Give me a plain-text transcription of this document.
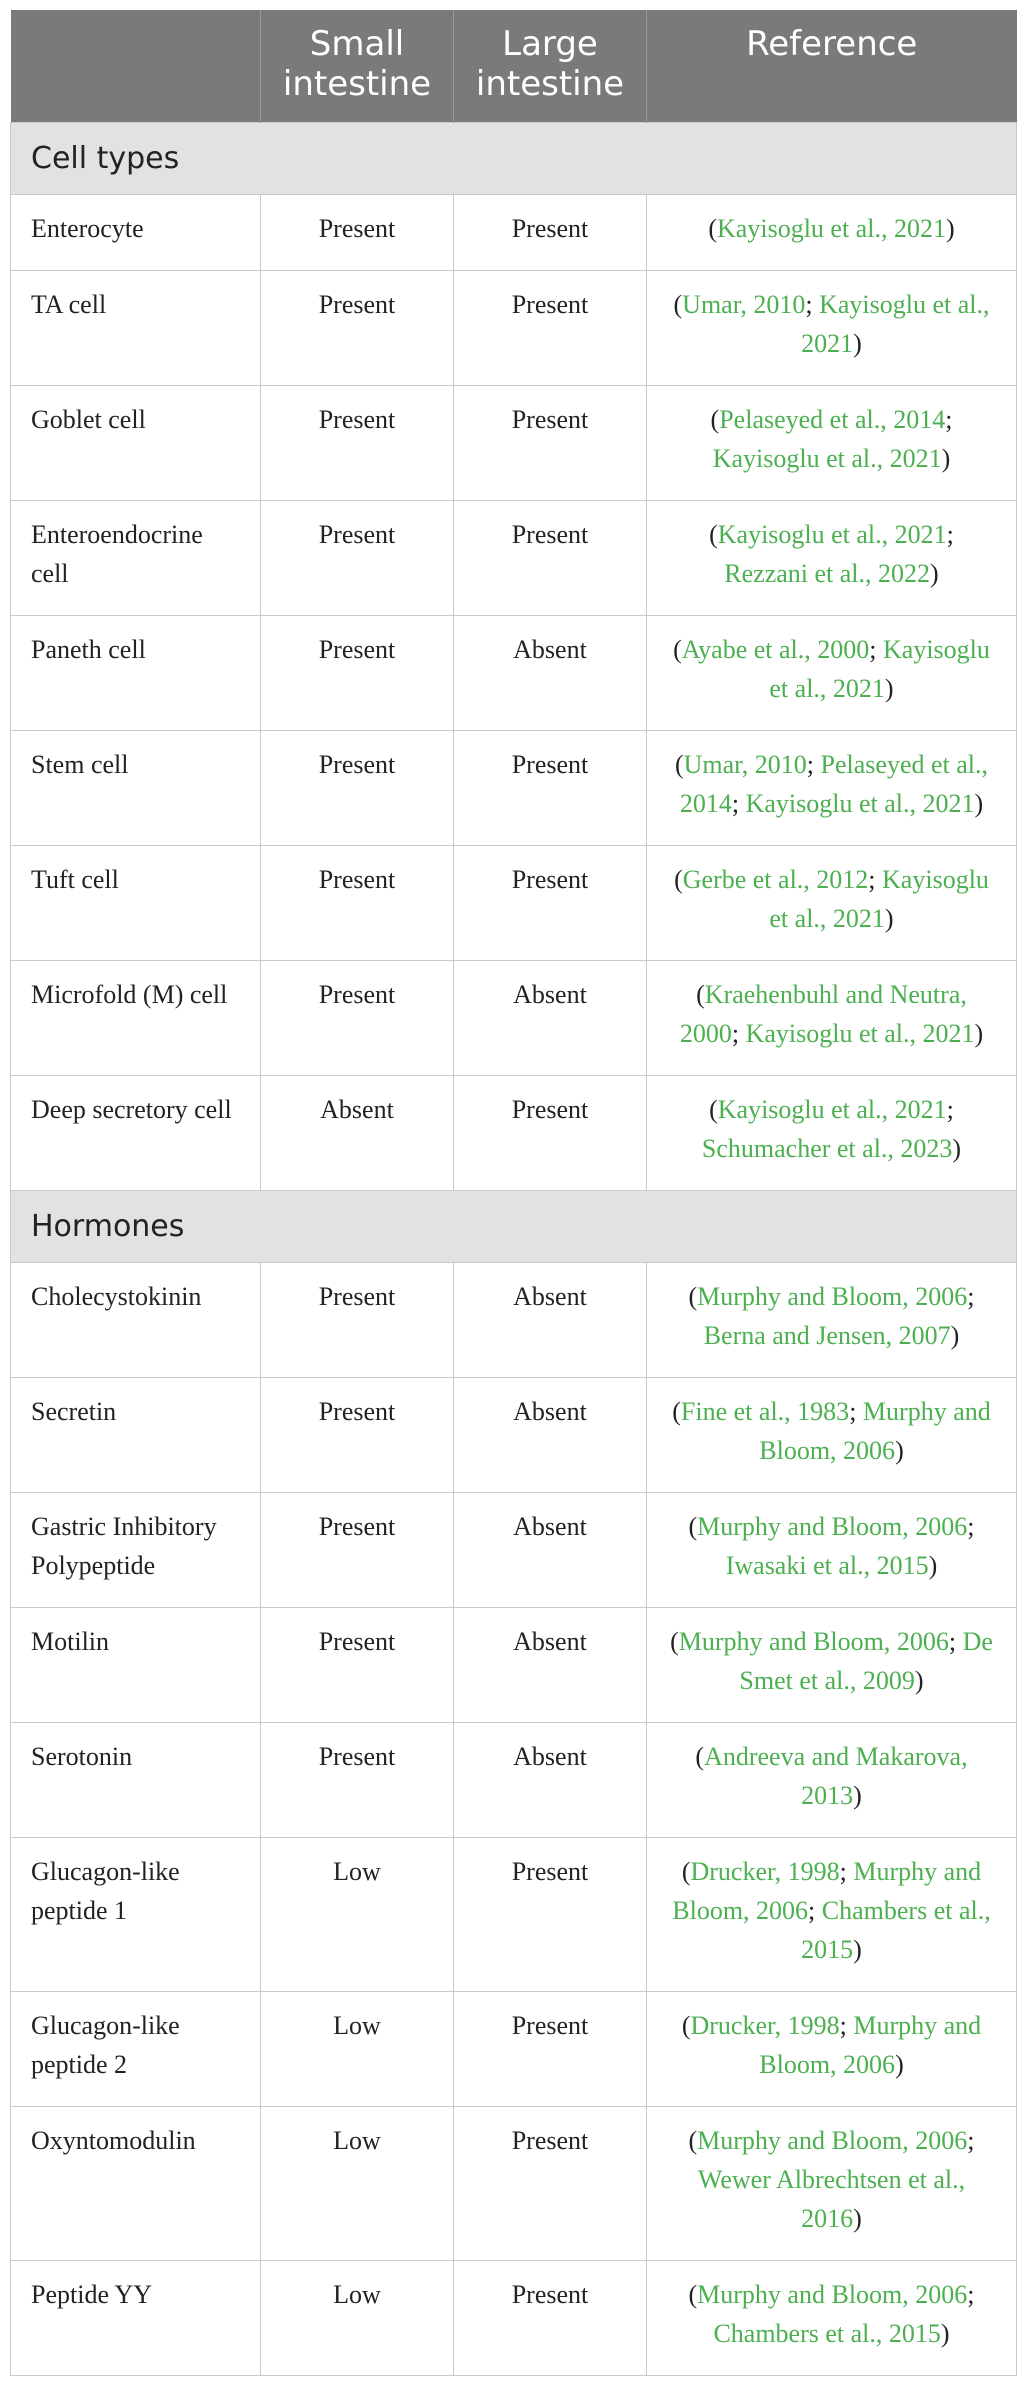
	Small intestine	Large intestine	Reference
Cell types			
Enterocyte	Present	Present	(Kayisoglu et al., 2021)
TA cell	Present	Present	(Umar, 2010; Kayisoglu et al., 2021)
Goblet cell	Present	Present	(Pelaseyed et al., 2014; Kayisoglu et al., 2021)
Enteroendocrine cell	Present	Present	(Kayisoglu et al., 2021; Rezzani et al., 2022)
Paneth cell	Present	Absent	(Ayabe et al., 2000; Kayisoglu et al., 2021)
Stem cell	Present	Present	(Umar, 2010; Pelaseyed et al., 2014; Kayisoglu et al., 2021)
Tuft cell	Present	Present	(Gerbe et al., 2012; Kayisoglu et al., 2021)
Microfold (M) cell	Present	Absent	(Kraehenbuhl and Neutra, 2000; Kayisoglu et al., 2021)
Deep secretory cell	Absent	Present	(Kayisoglu et al., 2021; Schumacher et al., 2023)
Hormones			
Cholecystokinin	Present	Absent	(Murphy and Bloom, 2006; Berna and Jensen, 2007)
Secretin	Present	Absent	(Fine et al., 1983; Murphy and Bloom, 2006)
Gastric Inhibitory Polypeptide	Present	Absent	(Murphy and Bloom, 2006; Iwasaki et al., 2015)
Motilin	Present	Absent	(Murphy and Bloom, 2006; De Smet et al., 2009)
Serotonin	Present	Absent	(Andreeva and Makarova, 2013)
Glucagon-like peptide 1	Low	Present	(Drucker, 1998; Murphy and Bloom, 2006; Chambers et al., 2015)
Glucagon-like peptide 2	Low	Present	(Drucker, 1998; Murphy and Bloom, 2006)
Oxyntomodulin	Low	Present	(Murphy and Bloom, 2006; Wewer Albrechtsen et al., 2016)
Peptide YY	Low	Present	(Murphy and Bloom, 2006; Chambers et al., 2015)
